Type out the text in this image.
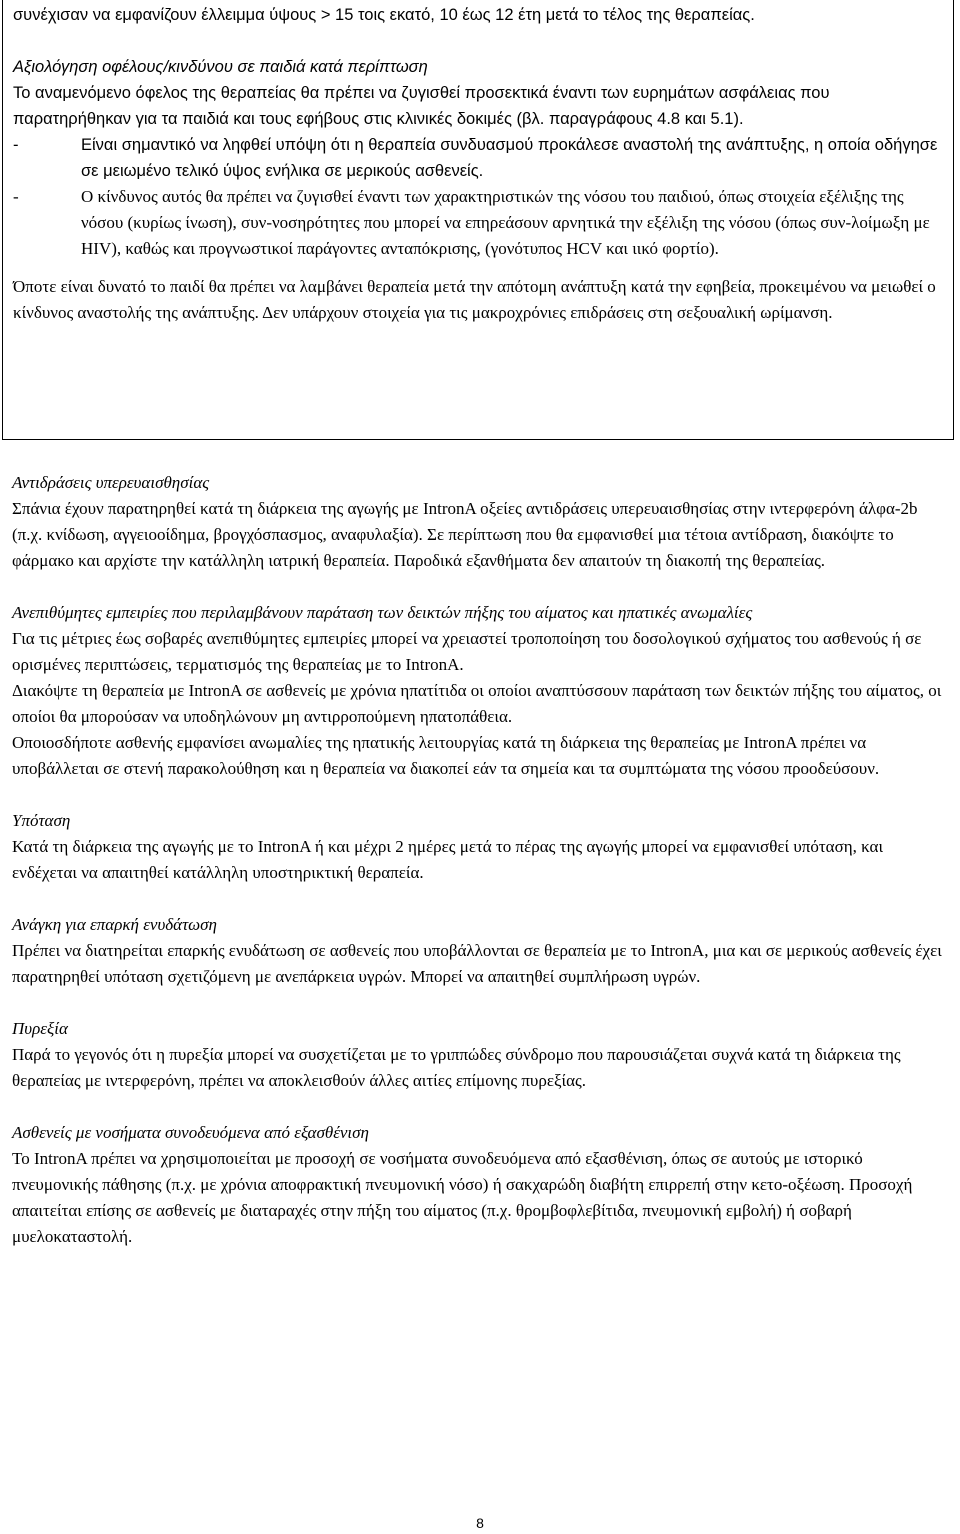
συνέχισαν να εμφανίζουν έλλειμμα ύψους > 15 τοις εκατό, 10 έως 12 έτη μετά το τέλος της θεραπείας.

Αξιολόγηση οφέλους/κινδύνου σε παιδιά κατά περίπτωση

Το αναμενόμενο όφελος της θεραπείας θα πρέπει να ζυγισθεί προσεκτικά έναντι των ευρημάτων ασφάλειας που παρατηρήθηκαν για τα παιδιά και τους εφήβους στις κλινικές δοκιμές (βλ. παραγράφους 4.8 και 5.1).

-	Είναι σημαντικό να ληφθεί υπόψη ότι η θεραπεία συνδυασμού προκάλεσε αναστολή της ανάπτυξης, η οποία οδήγησε σε μειωμένο τελικό ύψος ενήλικα σε μερικούς ασθενείς.
-	Ο κίνδυνος αυτός θα πρέπει να ζυγισθεί έναντι των χαρακτηριστικών της νόσου του παιδιού, όπως στοιχεία εξέλιξης της νόσου (κυρίως ίνωση), συν-νοσηρότητες που μπορεί να επηρεάσουν αρνητικά την εξέλιξη της νόσου (όπως συν-λοίμωξη με HIV), καθώς και προγνωστικοί παράγοντες ανταπόκρισης, (γονότυπος HCV και ιικό φορτίο).

Όποτε είναι δυνατό το παιδί θα πρέπει να λαμβάνει θεραπεία μετά την απότομη ανάπτυξη κατά την εφηβεία, προκειμένου να μειωθεί ο κίνδυνος αναστολής της ανάπτυξης. Δεν υπάρχουν στοιχεία για τις μακροχρόνιες επιδράσεις στη σεξουαλική ωρίμανση.

Αντιδράσεις υπερευαισθησίας

Σπάνια έχουν παρατηρηθεί κατά τη διάρκεια της αγωγής με IntronA οξείες αντιδράσεις υπερευαισθησίας στην ιντερφερόνη άλφα-2b (π.χ. κνίδωση, αγγειοοίδημα, βρογχόσπασμος, αναφυλαξία). Σε περίπτωση που θα εμφανισθεί μια τέτοια αντίδραση, διακόψτε το φάρμακο και αρχίστε την κατάλληλη ιατρική θεραπεία. Παροδικά εξανθήματα δεν απαιτούν τη διακοπή της θεραπείας.

Ανεπιθύμητες εμπειρίες που περιλαμβάνουν παράταση των δεικτών πήξης του αίματος και ηπατικές ανωμαλίες

Για τις μέτριες έως σοβαρές ανεπιθύμητες εμπειρίες μπορεί να χρειαστεί τροποποίηση του δοσολογικού σχήματος του ασθενούς ή σε ορισμένες περιπτώσεις, τερματισμός της θεραπείας με το IntronA.

Διακόψτε τη θεραπεία με IntronA σε ασθενείς με χρόνια ηπατίτιδα οι οποίοι αναπτύσσουν παράταση των δεικτών πήξης του αίματος, οι οποίοι θα μπορούσαν να υποδηλώνουν μη αντιρροπούμενη ηπατοπάθεια.

Οποιοσδήποτε ασθενής εμφανίσει ανωμαλίες της ηπατικής λειτουργίας κατά τη διάρκεια της θεραπείας με IntronA πρέπει να υποβάλλεται σε στενή παρακολούθηση και η θεραπεία να διακοπεί εάν τα σημεία και τα συμπτώματα της νόσου προοδεύσουν.

Υπόταση

Κατά τη διάρκεια της αγωγής με το IntronA ή και μέχρι 2 ημέρες μετά το πέρας της αγωγής μπορεί να εμφανισθεί υπόταση, και ενδέχεται να απαιτηθεί κατάλληλη υποστηρικτική θεραπεία.

Ανάγκη για επαρκή ενυδάτωση

Πρέπει να διατηρείται επαρκής ενυδάτωση σε ασθενείς που υποβάλλονται σε θεραπεία με το IntronA, μια και σε μερικούς ασθενείς έχει παρατηρηθεί υπόταση σχετιζόμενη με ανεπάρκεια υγρών. Μπορεί να απαιτηθεί συμπλήρωση υγρών.

Πυρεξία

Παρά το γεγονός ότι η πυρεξία μπορεί να συσχετίζεται με το γριππώδες σύνδρομο που παρουσιάζεται συχνά κατά τη διάρκεια της θεραπείας με ιντερφερόνη, πρέπει να αποκλεισθούν άλλες αιτίες επίμονης πυρεξίας.

Ασθενείς με νοσήματα συνοδευόμενα από εξασθένιση

Το IntronA πρέπει να χρησιμοποιείται με προσοχή σε νοσήματα συνοδευόμενα από εξασθένιση, όπως σε αυτούς με ιστορικό πνευμονικής πάθησης (π.χ. με χρόνια αποφρακτική πνευμονική νόσο) ή σακχαρώδη διαβήτη επιρρεπή στην κετο-οξέωση. Προσοχή απαιτείται επίσης σε ασθενείς με διαταραχές στην πήξη του αίματος (π.χ. θρομβοφλεβίτιδα, πνευμονική εμβολή) ή σοβαρή μυελοκαταστολή.

8
